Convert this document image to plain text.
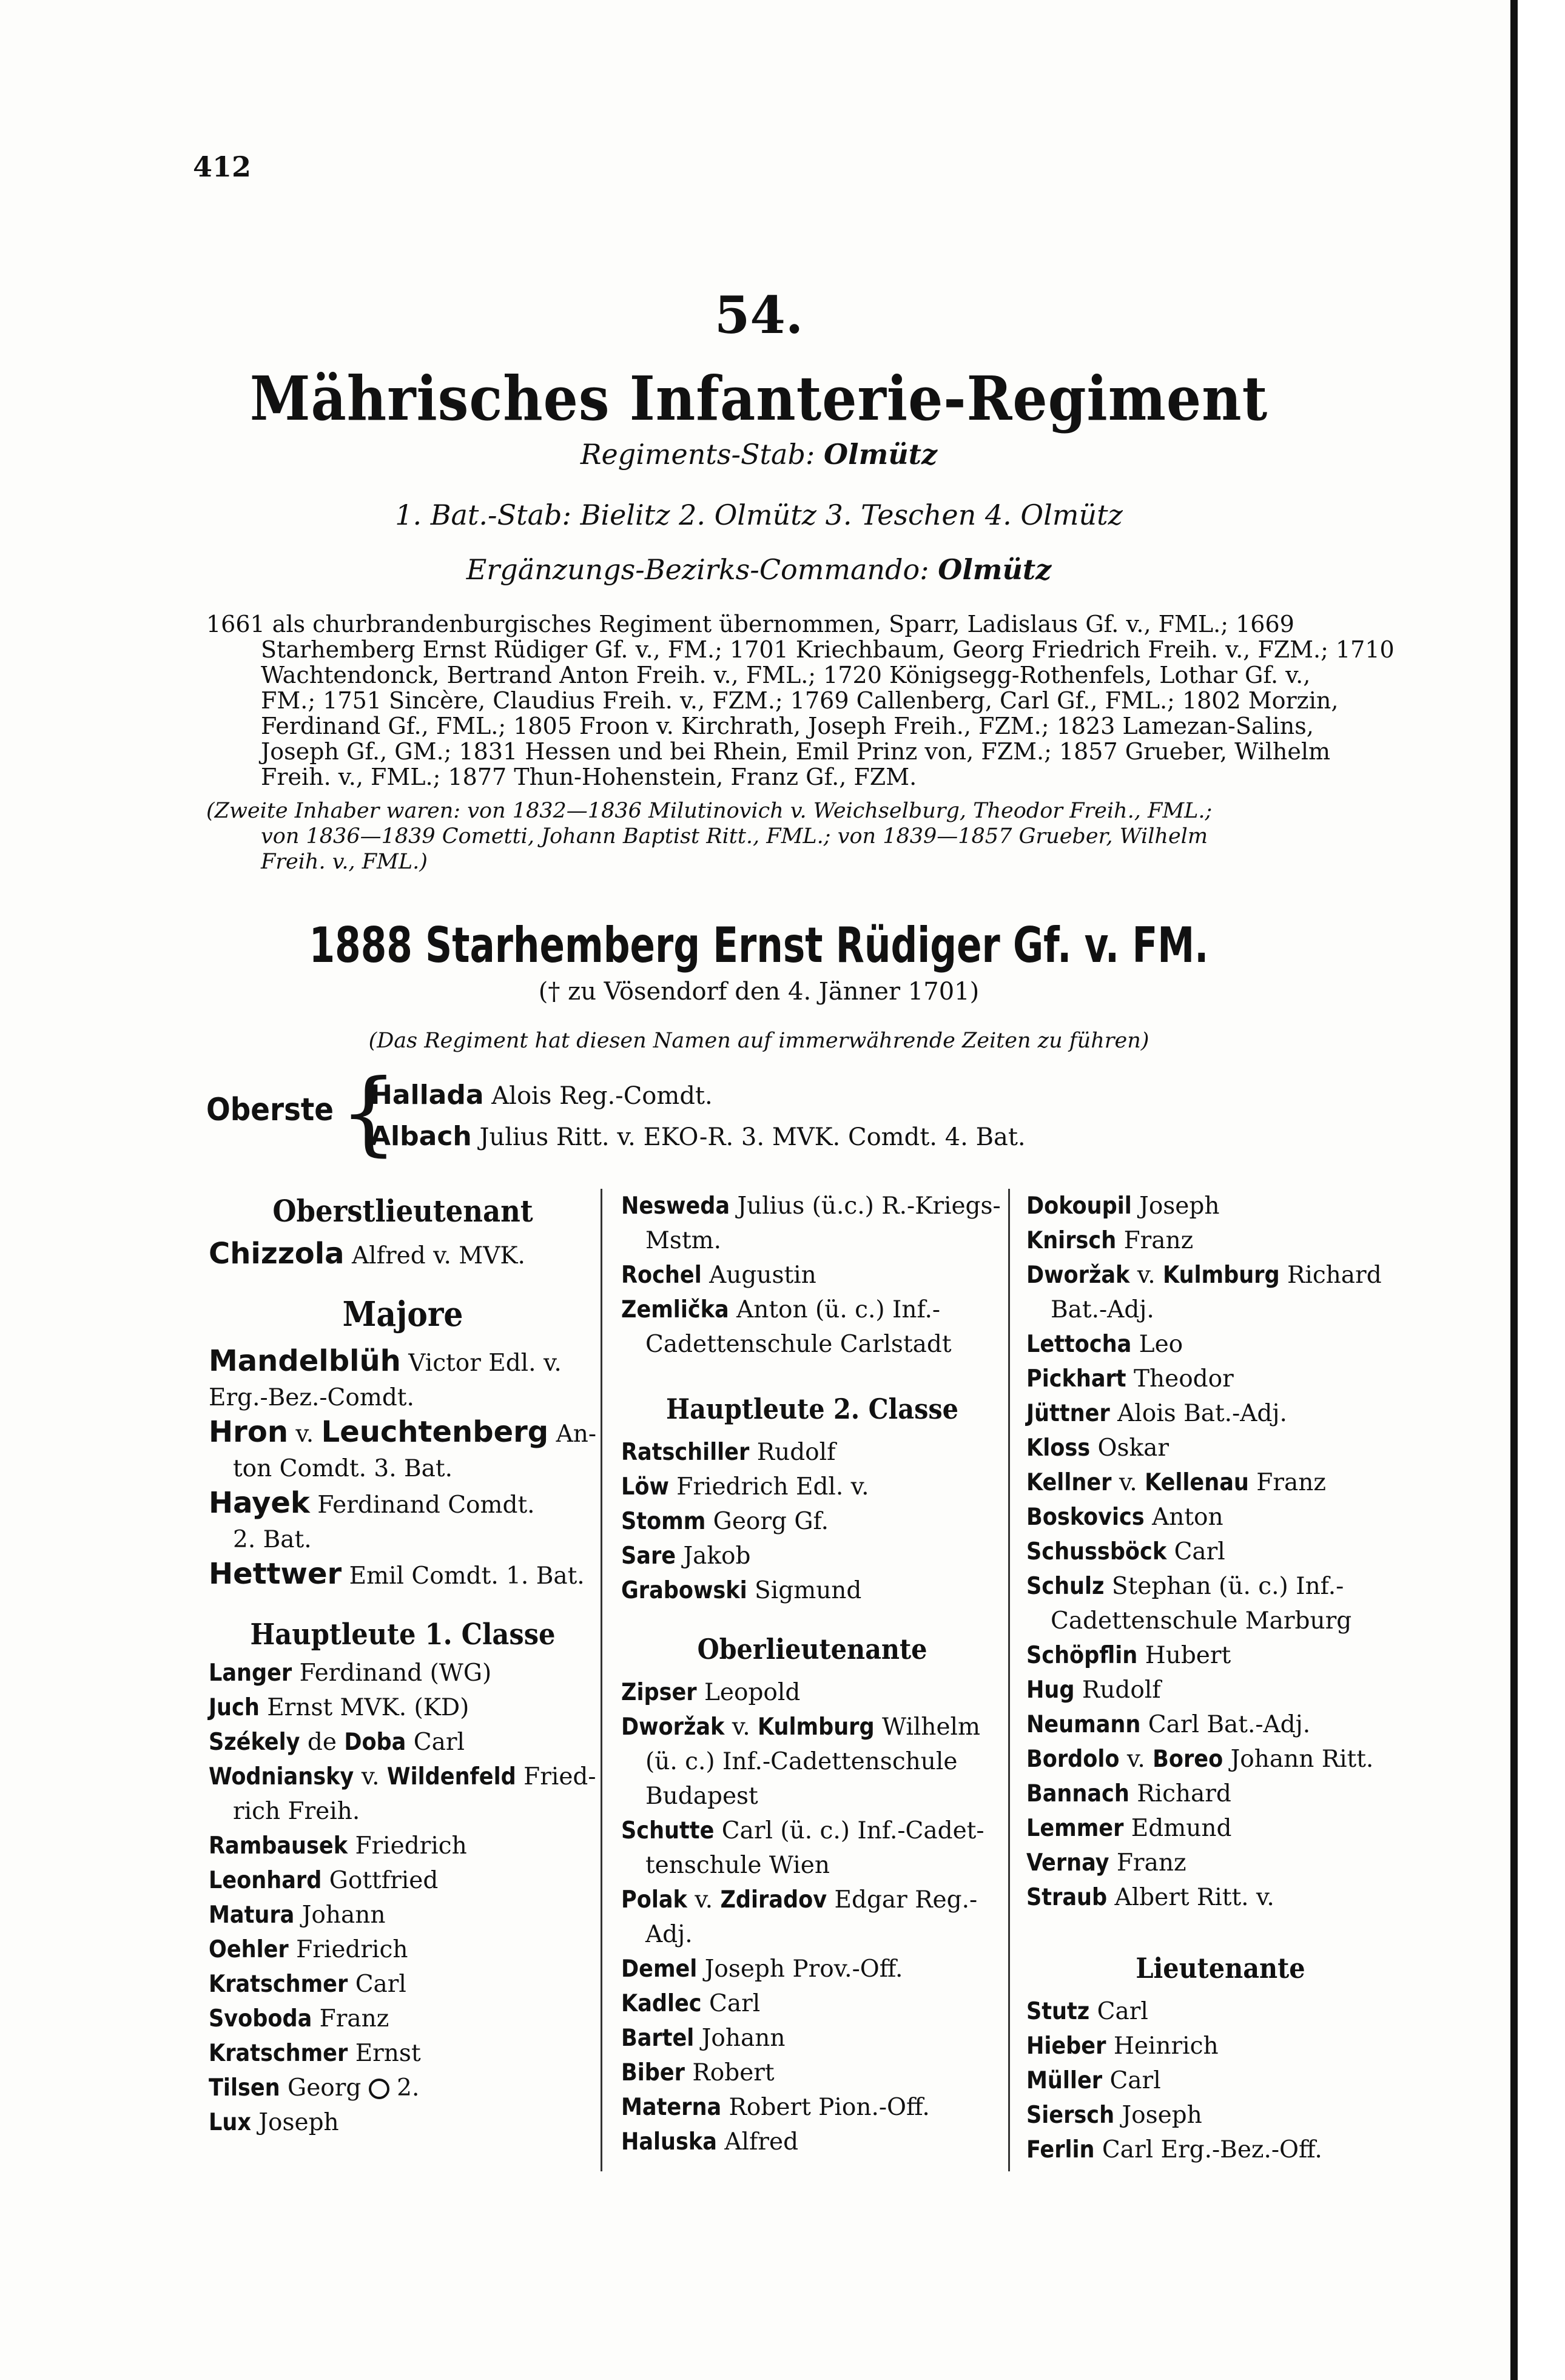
412
54.
Mährisches Infanterie-Regiment
Regiments-Stab: Olmütz
1. Bat.-Stab: Bielitz 2. Olmütz 3. Teschen 4. Olmütz
Ergänzungs-Bezirks-Commando: Olmütz

1661 als churbrandenburgisches Regiment übernommen, Sparr, Ladislaus Gf. v., FML.; 1669

Starhemberg Ernst Rüdiger Gf. v., FM.; 1701 Kriechbaum, Georg Friedrich Freih. v., FZM.; 1710

Wachtendonck, Bertrand Anton Freih. v., FML.; 1720 Königsegg-Rothenfels, Lothar Gf. v.,

FM.; 1751 Sincère, Claudius Freih. v., FZM.; 1769 Callenberg, Carl Gf., FML.; 1802 Morzin,

Ferdinand Gf., FML.; 1805 Froon v. Kirchrath, Joseph Freih., FZM.; 1823 Lamezan-Salins,

Joseph Gf., GM.; 1831 Hessen und bei Rhein, Emil Prinz von, FZM.; 1857 Grueber, Wilhelm

Freih. v., FML.; 1877 Thun-Hohenstein, Franz Gf., FZM.

(Zweite Inhaber waren: von 1832—1836 Milutinovich v. Weichselburg, Theodor Freih., FML.;

von 1836—1839 Cometti, Johann Baptist Ritt., FML.; von 1839—1857 Grueber, Wilhelm

Freih. v., FML.)

1888 Starhemberg Ernst Rüdiger Gf. v. FM.
(† zu Vösendorf den 4. Jänner 1701)
(Das Regiment hat diesen Namen auf immerwährende Zeiten zu führen)
Oberste {
Hallada Alois Reg.-Comdt.
Albach Julius Ritt. v. EKO-R. 3. MVK. Comdt. 4. Bat.
Oberstlieutenant
Chizzola Alfred v. MVK.
Majore
Mandelblüh Victor Edl. v.
Erg.-Bez.-Comdt.
Hron v. Leuchtenberg An-
ton Comdt. 3. Bat.
Hayek Ferdinand Comdt.
2. Bat.
Hettwer Emil Comdt. 1. Bat.
Hauptleute 1. Classe
Langer Ferdinand (WG)
Juch Ernst MVK. (KD)
Székely de Doba Carl
Wodniansky v. Wildenfeld Fried-
rich Freih.
Rambausek Friedrich
Leonhard Gottfried
Matura Johann
Oehler Friedrich
Kratschmer Carl
Svoboda Franz
Kratschmer Ernst
Tilsen Georg  2.
Lux Joseph
Nesweda Julius (ü.c.) R.-Kriegs-
Mstm.
Rochel Augustin
Zemlička Anton (ü. c.) Inf.-
Cadettenschule Carlstadt
Hauptleute 2. Classe
Ratschiller Rudolf
Löw Friedrich Edl. v.
Stomm Georg Gf.
Sare Jakob
Grabowski Sigmund
Oberlieutenante
Zipser Leopold
Dworžak v. Kulmburg Wilhelm
(ü. c.) Inf.-Cadettenschule
Budapest
Schutte Carl (ü. c.) Inf.-Cadet-
tenschule Wien
Polak v. Zdiradov Edgar Reg.-
Adj.
Demel Joseph Prov.-Off.
Kadlec Carl
Bartel Johann
Biber Robert
Materna Robert Pion.-Off.
Haluska Alfred
Dokoupil Joseph
Knirsch Franz
Dworžak v. Kulmburg Richard
Bat.-Adj.
Lettocha Leo
Pickhart Theodor
Jüttner Alois Bat.-Adj.
Kloss Oskar
Kellner v. Kellenau Franz
Boskovics Anton
Schussböck Carl
Schulz Stephan (ü. c.) Inf.-
Cadettenschule Marburg
Schöpflin Hubert
Hug Rudolf
Neumann Carl Bat.-Adj.
Bordolo v. Boreo Johann Ritt.
Bannach Richard
Lemmer Edmund
Vernay Franz
Straub Albert Ritt. v.
Lieutenante
Stutz Carl
Hieber Heinrich
Müller Carl
Siersch Joseph
Ferlin Carl Erg.-Bez.-Off.
